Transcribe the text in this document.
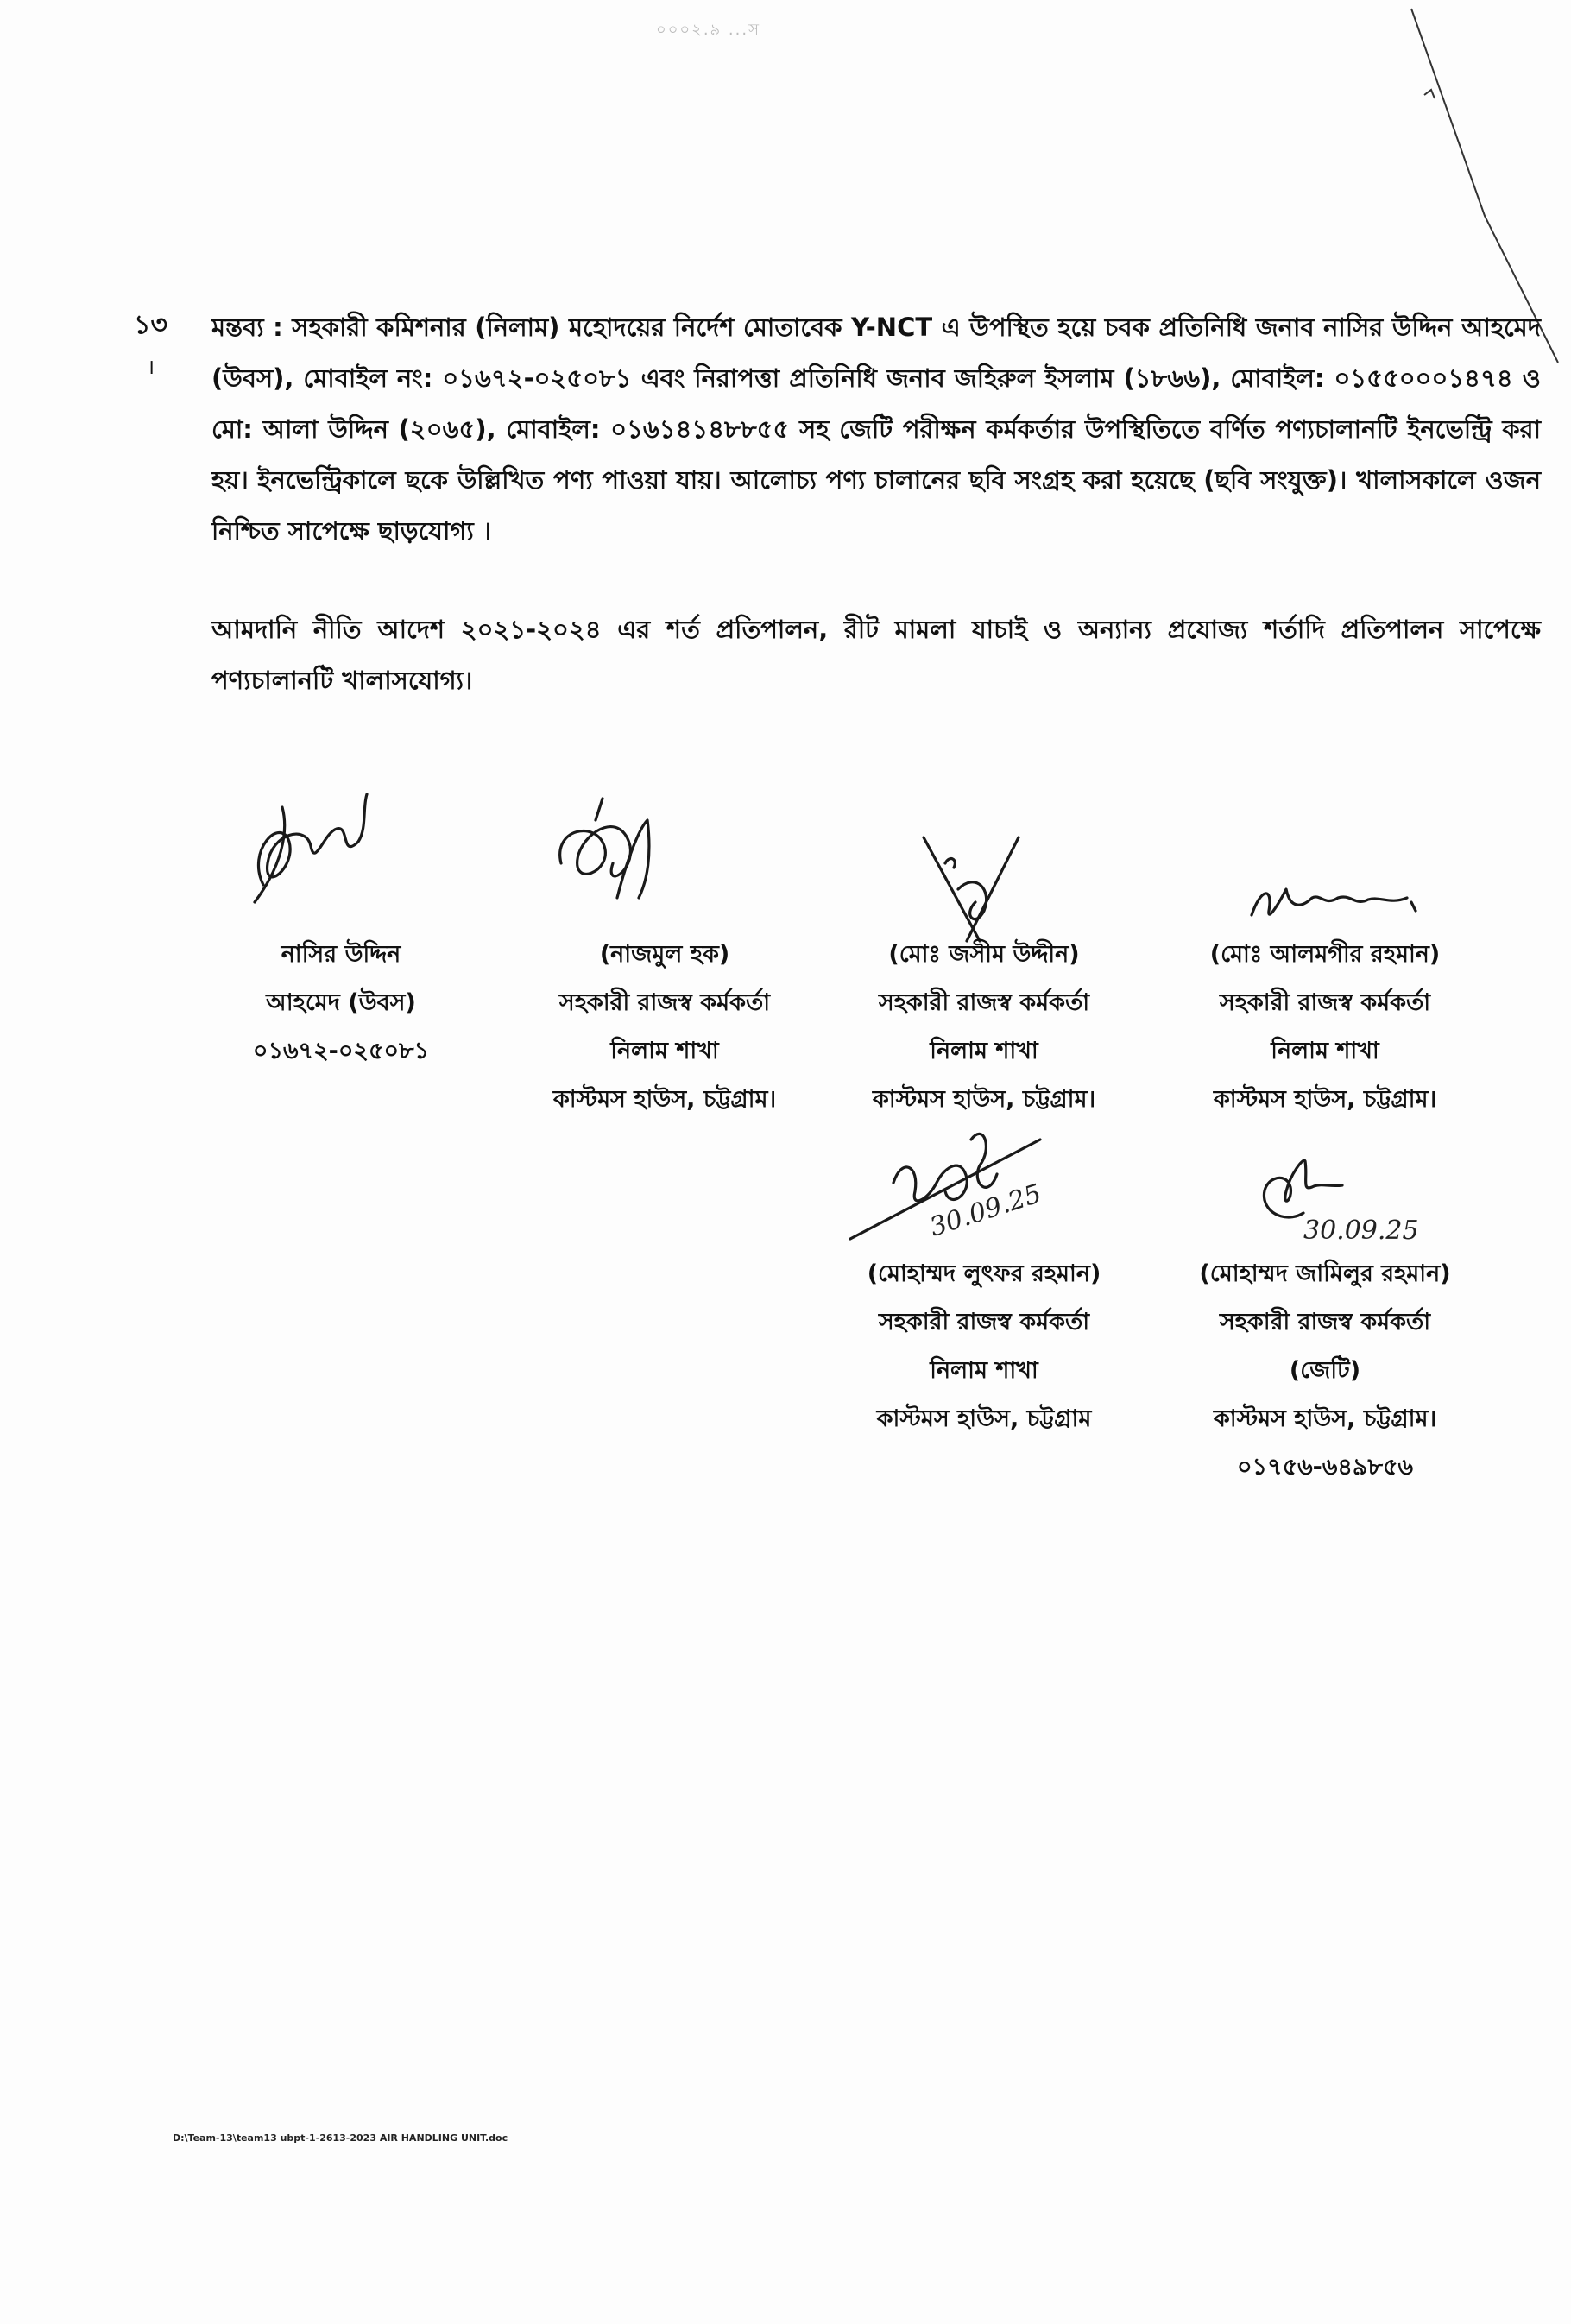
০০০২.৯ ...স
১৩
।
মন্তব্য : সহকারী কমিশনার (নিলাম) মহোদয়ের নির্দেশ মোতাবেক Y-NCT এ উপস্থিত হয়ে চবক প্রতিনিধি জনাব নাসির উদ্দিন আহমেদ (উবস), মোবাইল নং: ০১৬৭২-০২৫০৮১ এবং নিরাপত্তা প্রতিনিধি জনাব জহিরুল ইসলাম (১৮৬৬), মোবাইল: ০১৫৫০০০১৪৭৪ ও মো: আলা উদ্দিন (২০৬৫), মোবাইল: ০১৬১৪১৪৮৮৫৫ সহ জেটি পরীক্ষন কর্মকর্তার উপস্থিতিতে বর্ণিত পণ্যচালানটি ইনভেন্ট্রি করা হয়। ইনভেন্ট্রিকালে ছকে উল্লিখিত পণ্য পাওয়া যায়। আলোচ্য পণ্য চালানের ছবি সংগ্রহ করা হয়েছে (ছবি সংযুক্ত)। খালাসকালে ওজন নিশ্চিত সাপেক্ষে ছাড়যোগ্য ।
আমদানি নীতি আদেশ ২০২১-২০২৪ এর শর্ত প্রতিপালন, রীট মামলা যাচাই ও অন্যান্য প্রযোজ্য শর্তাদি প্রতিপালন সাপেক্ষে পণ্যচালানটি খালাসযোগ্য।
নাসির উদ্দিন
আহমেদ (উবস)
০১৬৭২-০২৫০৮১
(নাজমুল হক)
সহকারী রাজস্ব কর্মকর্তা
নিলাম শাখা
কাস্টমস হাউস, চট্টগ্রাম।
(মোঃ জসীম উদ্দীন)
সহকারী রাজস্ব কর্মকর্তা
নিলাম শাখা
কাস্টমস হাউস, চট্টগ্রাম।
(মোঃ আলমগীর রহমান)
সহকারী রাজস্ব কর্মকর্তা
নিলাম শাখা
কাস্টমস হাউস, চট্টগ্রাম।
30.09.25
(মোহাম্মদ লুৎফর রহমান)
সহকারী রাজস্ব কর্মকর্তা
নিলাম শাখা
কাস্টমস হাউস, চট্টগ্রাম
30.09.25
(মোহাম্মদ জামিলুর রহমান)
সহকারী রাজস্ব কর্মকর্তা
(জেটি)
কাস্টমস হাউস, চট্টগ্রাম।
০১৭৫৬-৬৪৯৮৫৬
D:\Team-13\team13 ubpt-1-2613-2023 AIR HANDLING UNIT.doc
